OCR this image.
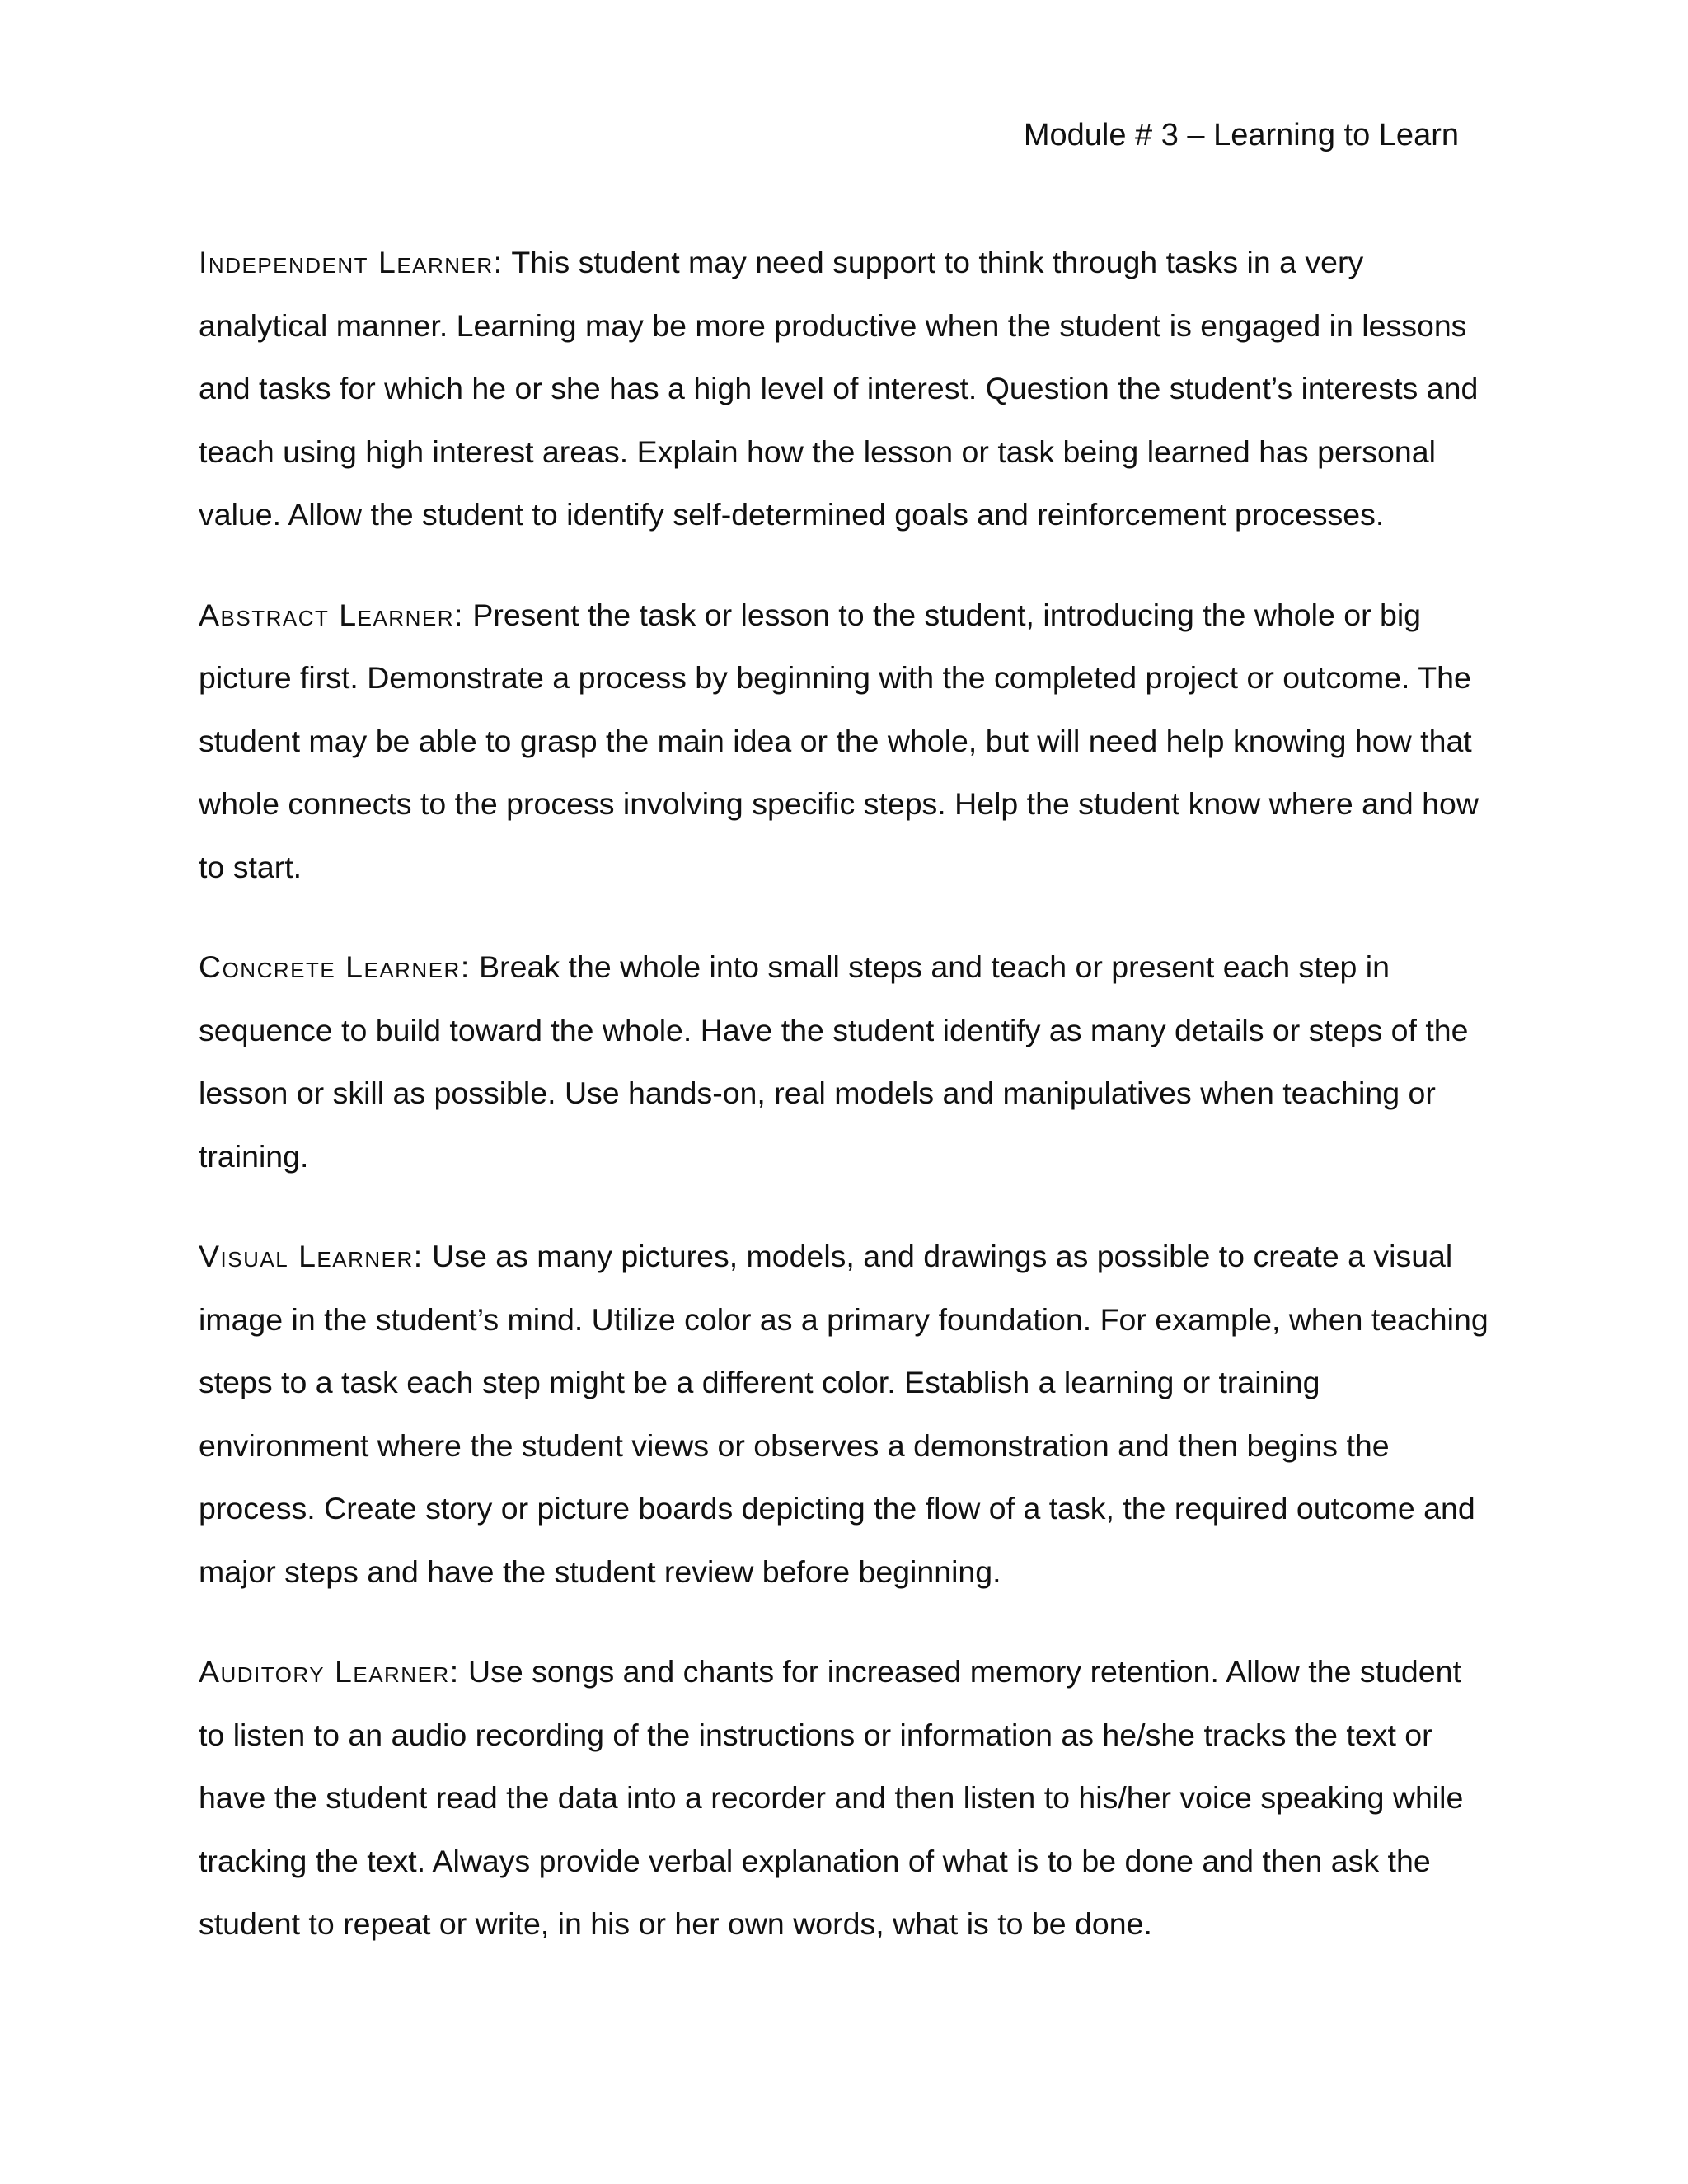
Module # 3 – Learning to Learn

Independent Learner: This student may need support to think through tasks in a very analytical manner. Learning may be more productive when the student is engaged in lessons and tasks for which he or she has a high level of interest. Question the student’s interests and teach using high interest areas. Explain how the lesson or task being learned has personal value. Allow the student to identify self-determined goals and reinforcement processes.

Abstract Learner: Present the task or lesson to the student, introducing the whole or big picture first. Demonstrate a process by beginning with the completed project or outcome. The student may be able to grasp the main idea or the whole, but will need help knowing how that whole connects to the process involving specific steps. Help the student know where and how to start.

Concrete Learner: Break the whole into small steps and teach or present each step in sequence to build toward the whole. Have the student identify as many details or steps of the lesson or skill as possible. Use hands-on, real models and manipulatives when teaching or training.

Visual Learner: Use as many pictures, models, and drawings as possible to create a visual image in the student’s mind. Utilize color as a primary foundation. For example, when teaching steps to a task each step might be a different color. Establish a learning or training environment where the student views or observes a demonstration and then begins the process. Create story or picture boards depicting the flow of a task, the required outcome and major steps and have the student review before beginning.

Auditory Learner: Use songs and chants for increased memory retention. Allow the student to listen to an audio recording of the instructions or information as he/she tracks the text or have the student read the data into a recorder and then listen to his/her voice speaking while tracking the text. Always provide verbal explanation of what is to be done and then ask the student to repeat or write, in his or her own words, what is to be done.
